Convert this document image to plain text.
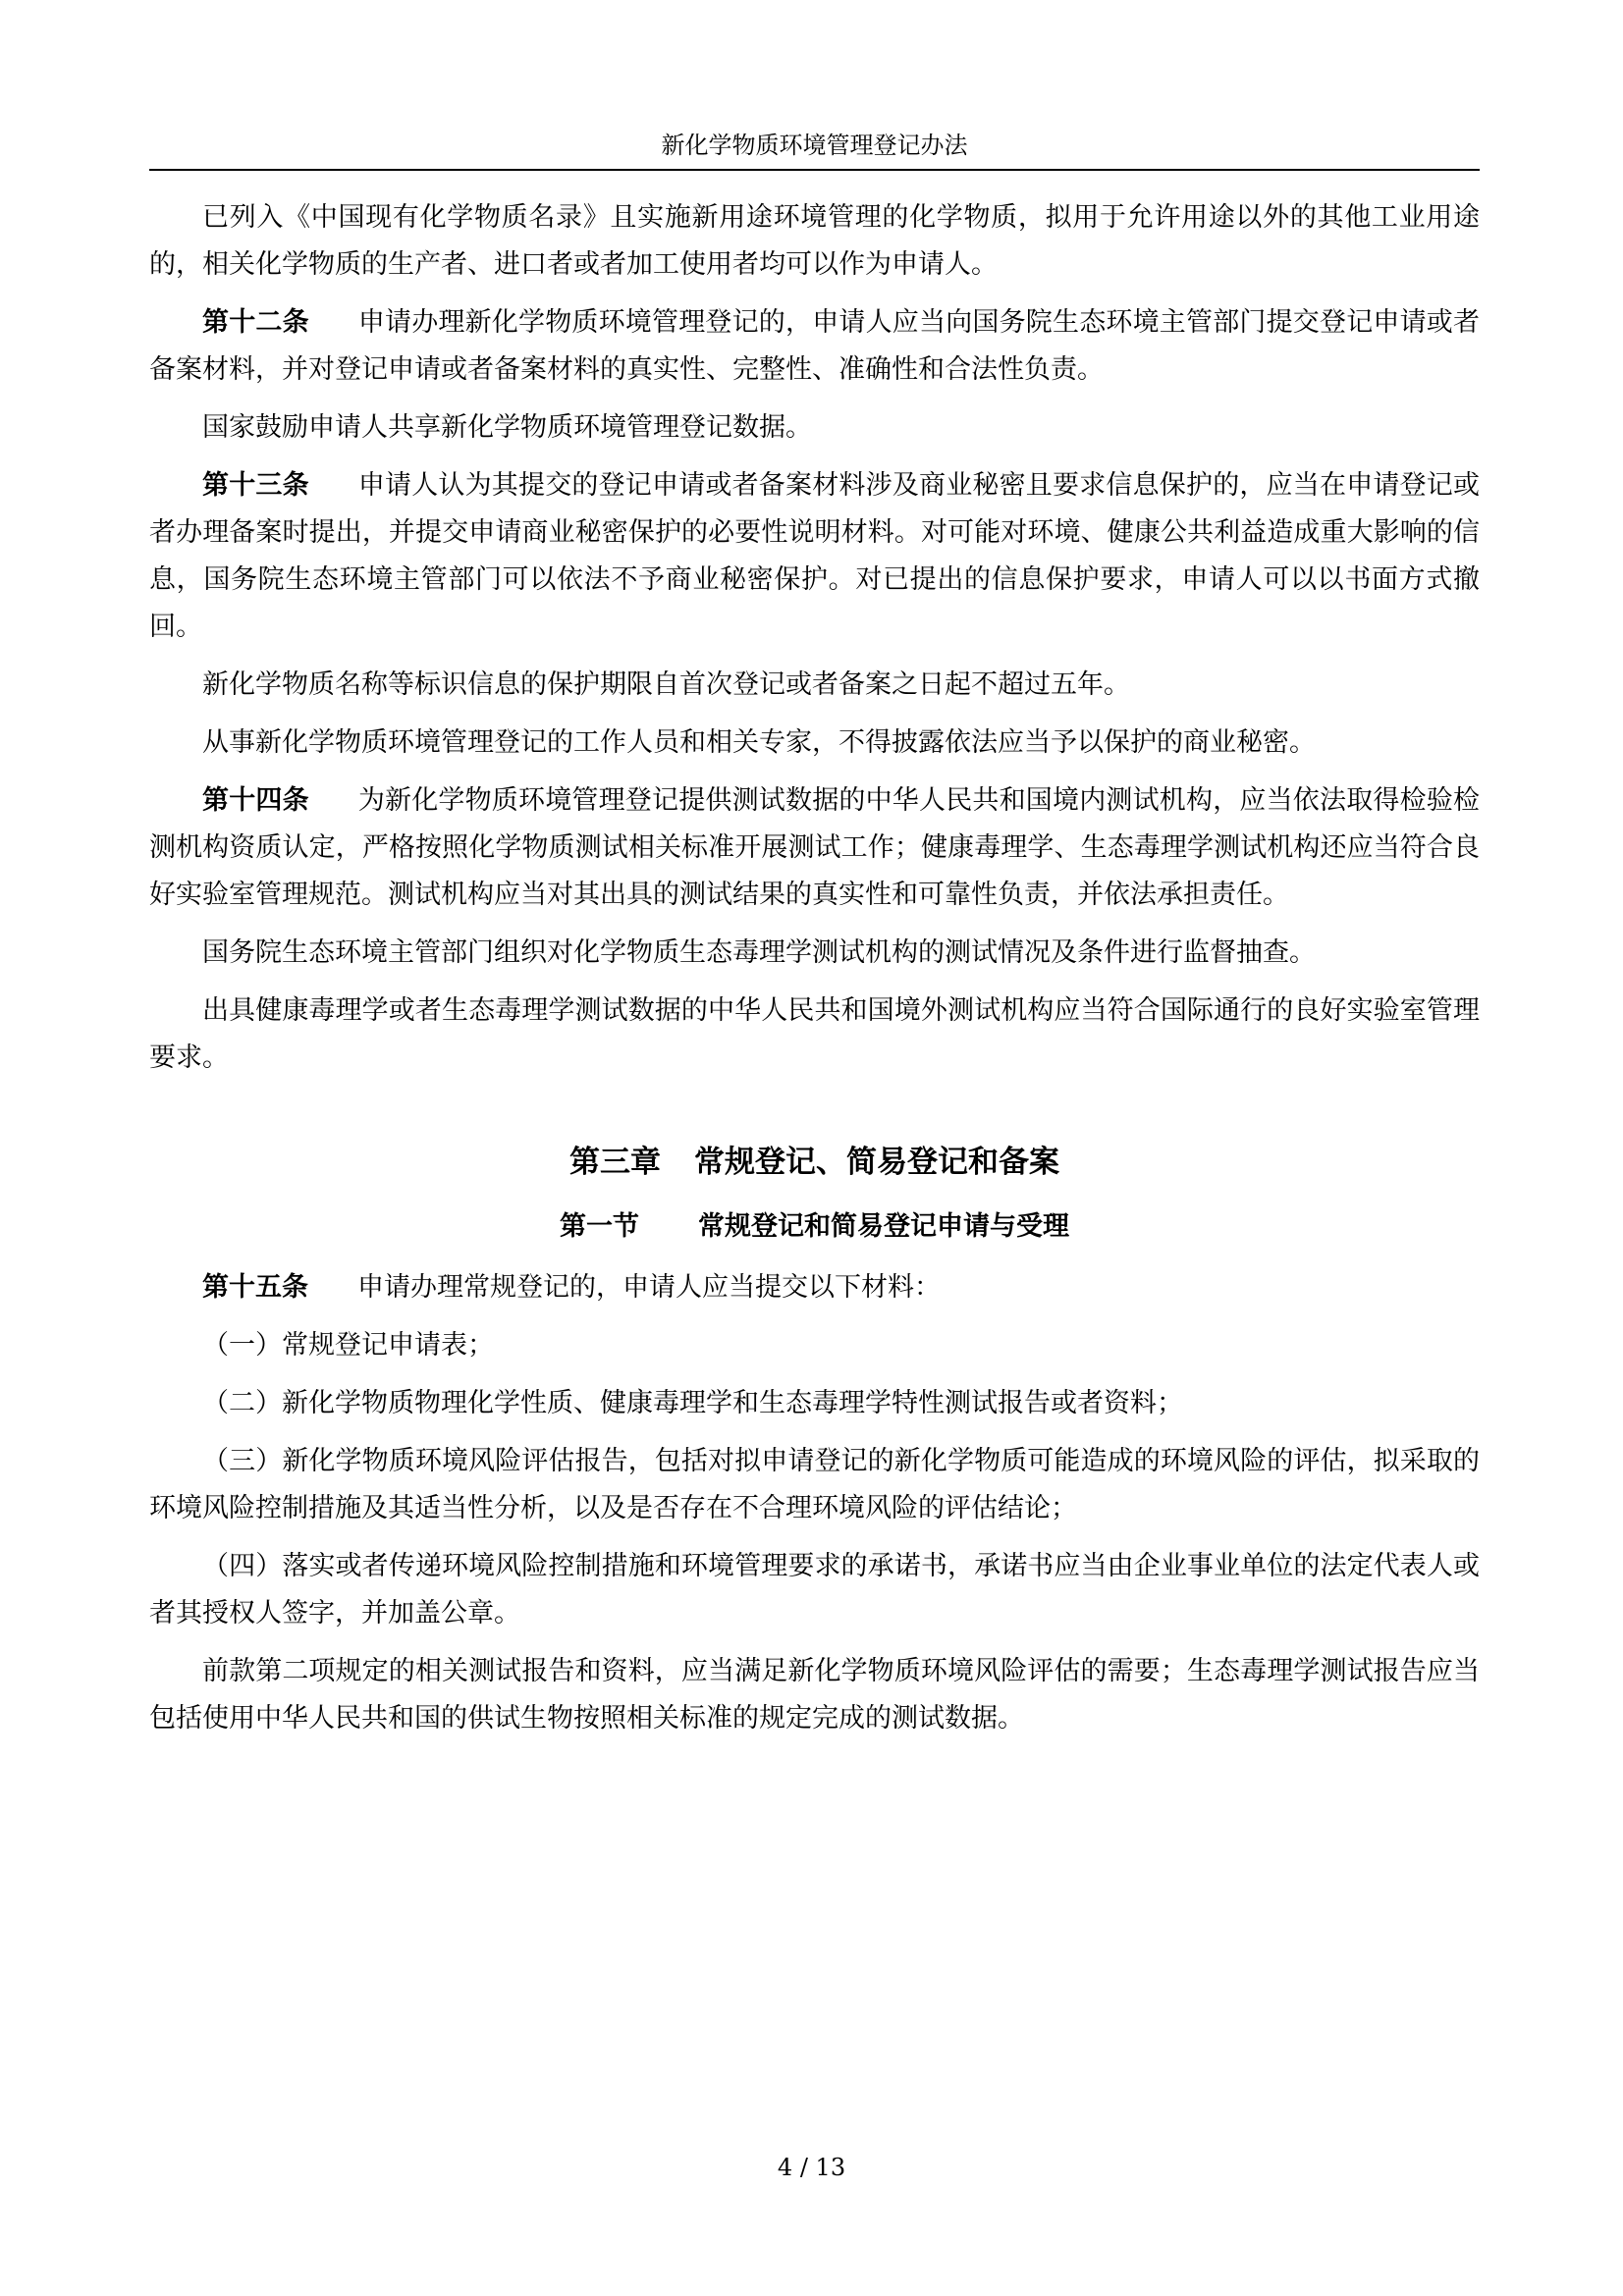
新化学物质环境管理登记办法

已列入《中国现有化学物质名录》且实施新用途环境管理的化学物质，拟用于允许用途以外的其他工业用途的，相关化学物质的生产者、进口者或者加工使用者均可以作为申请人。

第十二条 申请办理新化学物质环境管理登记的，申请人应当向国务院生态环境主管部门提交登记申请或者备案材料，并对登记申请或者备案材料的真实性、完整性、准确性和合法性负责。

国家鼓励申请人共享新化学物质环境管理登记数据。

第十三条 申请人认为其提交的登记申请或者备案材料涉及商业秘密且要求信息保护的，应当在申请登记或者办理备案时提出，并提交申请商业秘密保护的必要性说明材料。对可能对环境、健康公共利益造成重大影响的信息，国务院生态环境主管部门可以依法不予商业秘密保护。对已提出的信息保护要求，申请人可以以书面方式撤回。

新化学物质名称等标识信息的保护期限自首次登记或者备案之日起不超过五年。

从事新化学物质环境管理登记的工作人员和相关专家，不得披露依法应当予以保护的商业秘密。

第十四条 为新化学物质环境管理登记提供测试数据的中华人民共和国境内测试机构，应当依法取得检验检测机构资质认定，严格按照化学物质测试相关标准开展测试工作；健康毒理学、生态毒理学测试机构还应当符合良好实验室管理规范。测试机构应当对其出具的测试结果的真实性和可靠性负责，并依法承担责任。

国务院生态环境主管部门组织对化学物质生态毒理学测试机构的测试情况及条件进行监督抽查。

出具健康毒理学或者生态毒理学测试数据的中华人民共和国境外测试机构应当符合国际通行的良好实验室管理要求。

第三章 常规登记、简易登记和备案
第一节 常规登记和简易登记申请与受理

第十五条 申请办理常规登记的，申请人应当提交以下材料：

（一）常规登记申请表；

（二）新化学物质物理化学性质、健康毒理学和生态毒理学特性测试报告或者资料；

（三）新化学物质环境风险评估报告，包括对拟申请登记的新化学物质可能造成的环境风险的评估，拟采取的环境风险控制措施及其适当性分析，以及是否存在不合理环境风险的评估结论；

（四）落实或者传递环境风险控制措施和环境管理要求的承诺书，承诺书应当由企业事业单位的法定代表人或者其授权人签字，并加盖公章。

前款第二项规定的相关测试报告和资料，应当满足新化学物质环境风险评估的需要；生态毒理学测试报告应当包括使用中华人民共和国的供试生物按照相关标准的规定完成的测试数据。

4 / 13
